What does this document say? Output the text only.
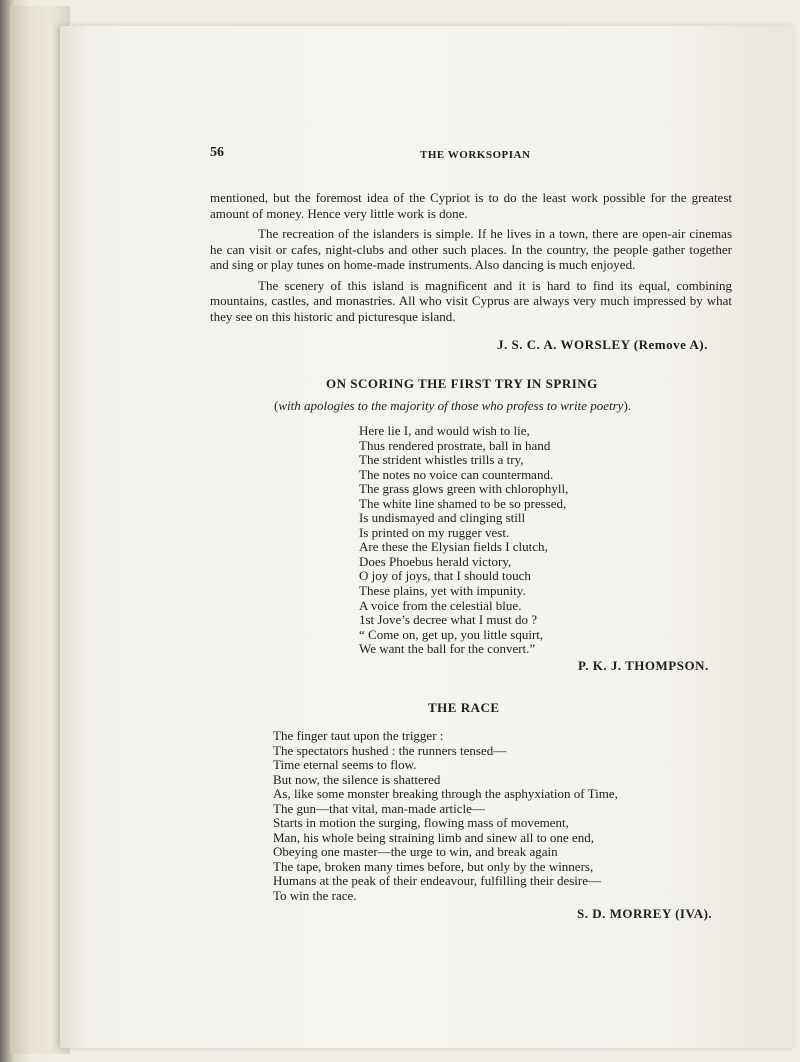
56	THE WORKSOPIAN

mentioned, but the foremost idea of the Cypriot is to do the least work possible for the greatest amount of money. Hence very little work is done.

The recreation of the islanders is simple. If he lives in a town, there are open-air cinemas he can visit or cafes, night-clubs and other such places. In the country, the people gather together and sing or play tunes on home-made instruments. Also dancing is much enjoyed.

The scenery of this island is magnificent and it is hard to find its equal, combining mountains, castles, and monastries. All who visit Cyprus are always very much impressed by what they see on this historic and picturesque island.

J. S. C. A. WORSLEY (Remove A).
ON SCORING THE FIRST TRY IN SPRING
(with apologies to the majority of those who profess to write poetry).
Here lie I, and would wish to lie,
Thus rendered prostrate, ball in hand
The strident whistles trills a try,
The notes no voice can countermand.
The grass glows green with chlorophyll,
The white line shamed to be so pressed,
Is undismayed and clinging still
Is printed on my rugger vest.
Are these the Elysian fields I clutch,
Does Phoebus herald victory,
O joy of joys, that I should touch
These plains, yet with impunity.
A voice from the celestial blue.
1st Jove’s decree what I must do ?
“ Come on, get up, you little squirt,
We want the ball for the convert.”
P. K. J. THOMPSON.
THE RACE
The finger taut upon the trigger :
The spectators hushed : the runners tensed—
Time eternal seems to flow.
But now, the silence is shattered
As, like some monster breaking through the asphyxiation of Time,
The gun—that vital, man-made article—
Starts in motion the surging, flowing mass of movement,
Man, his whole being straining limb and sinew all to one end,
Obeying one master—the urge to win, and break again
The tape, broken many times before, but only by the winners,
Humans at the peak of their endeavour, fulfilling their desire—
To win the race.
S. D. MORREY (IVA).
